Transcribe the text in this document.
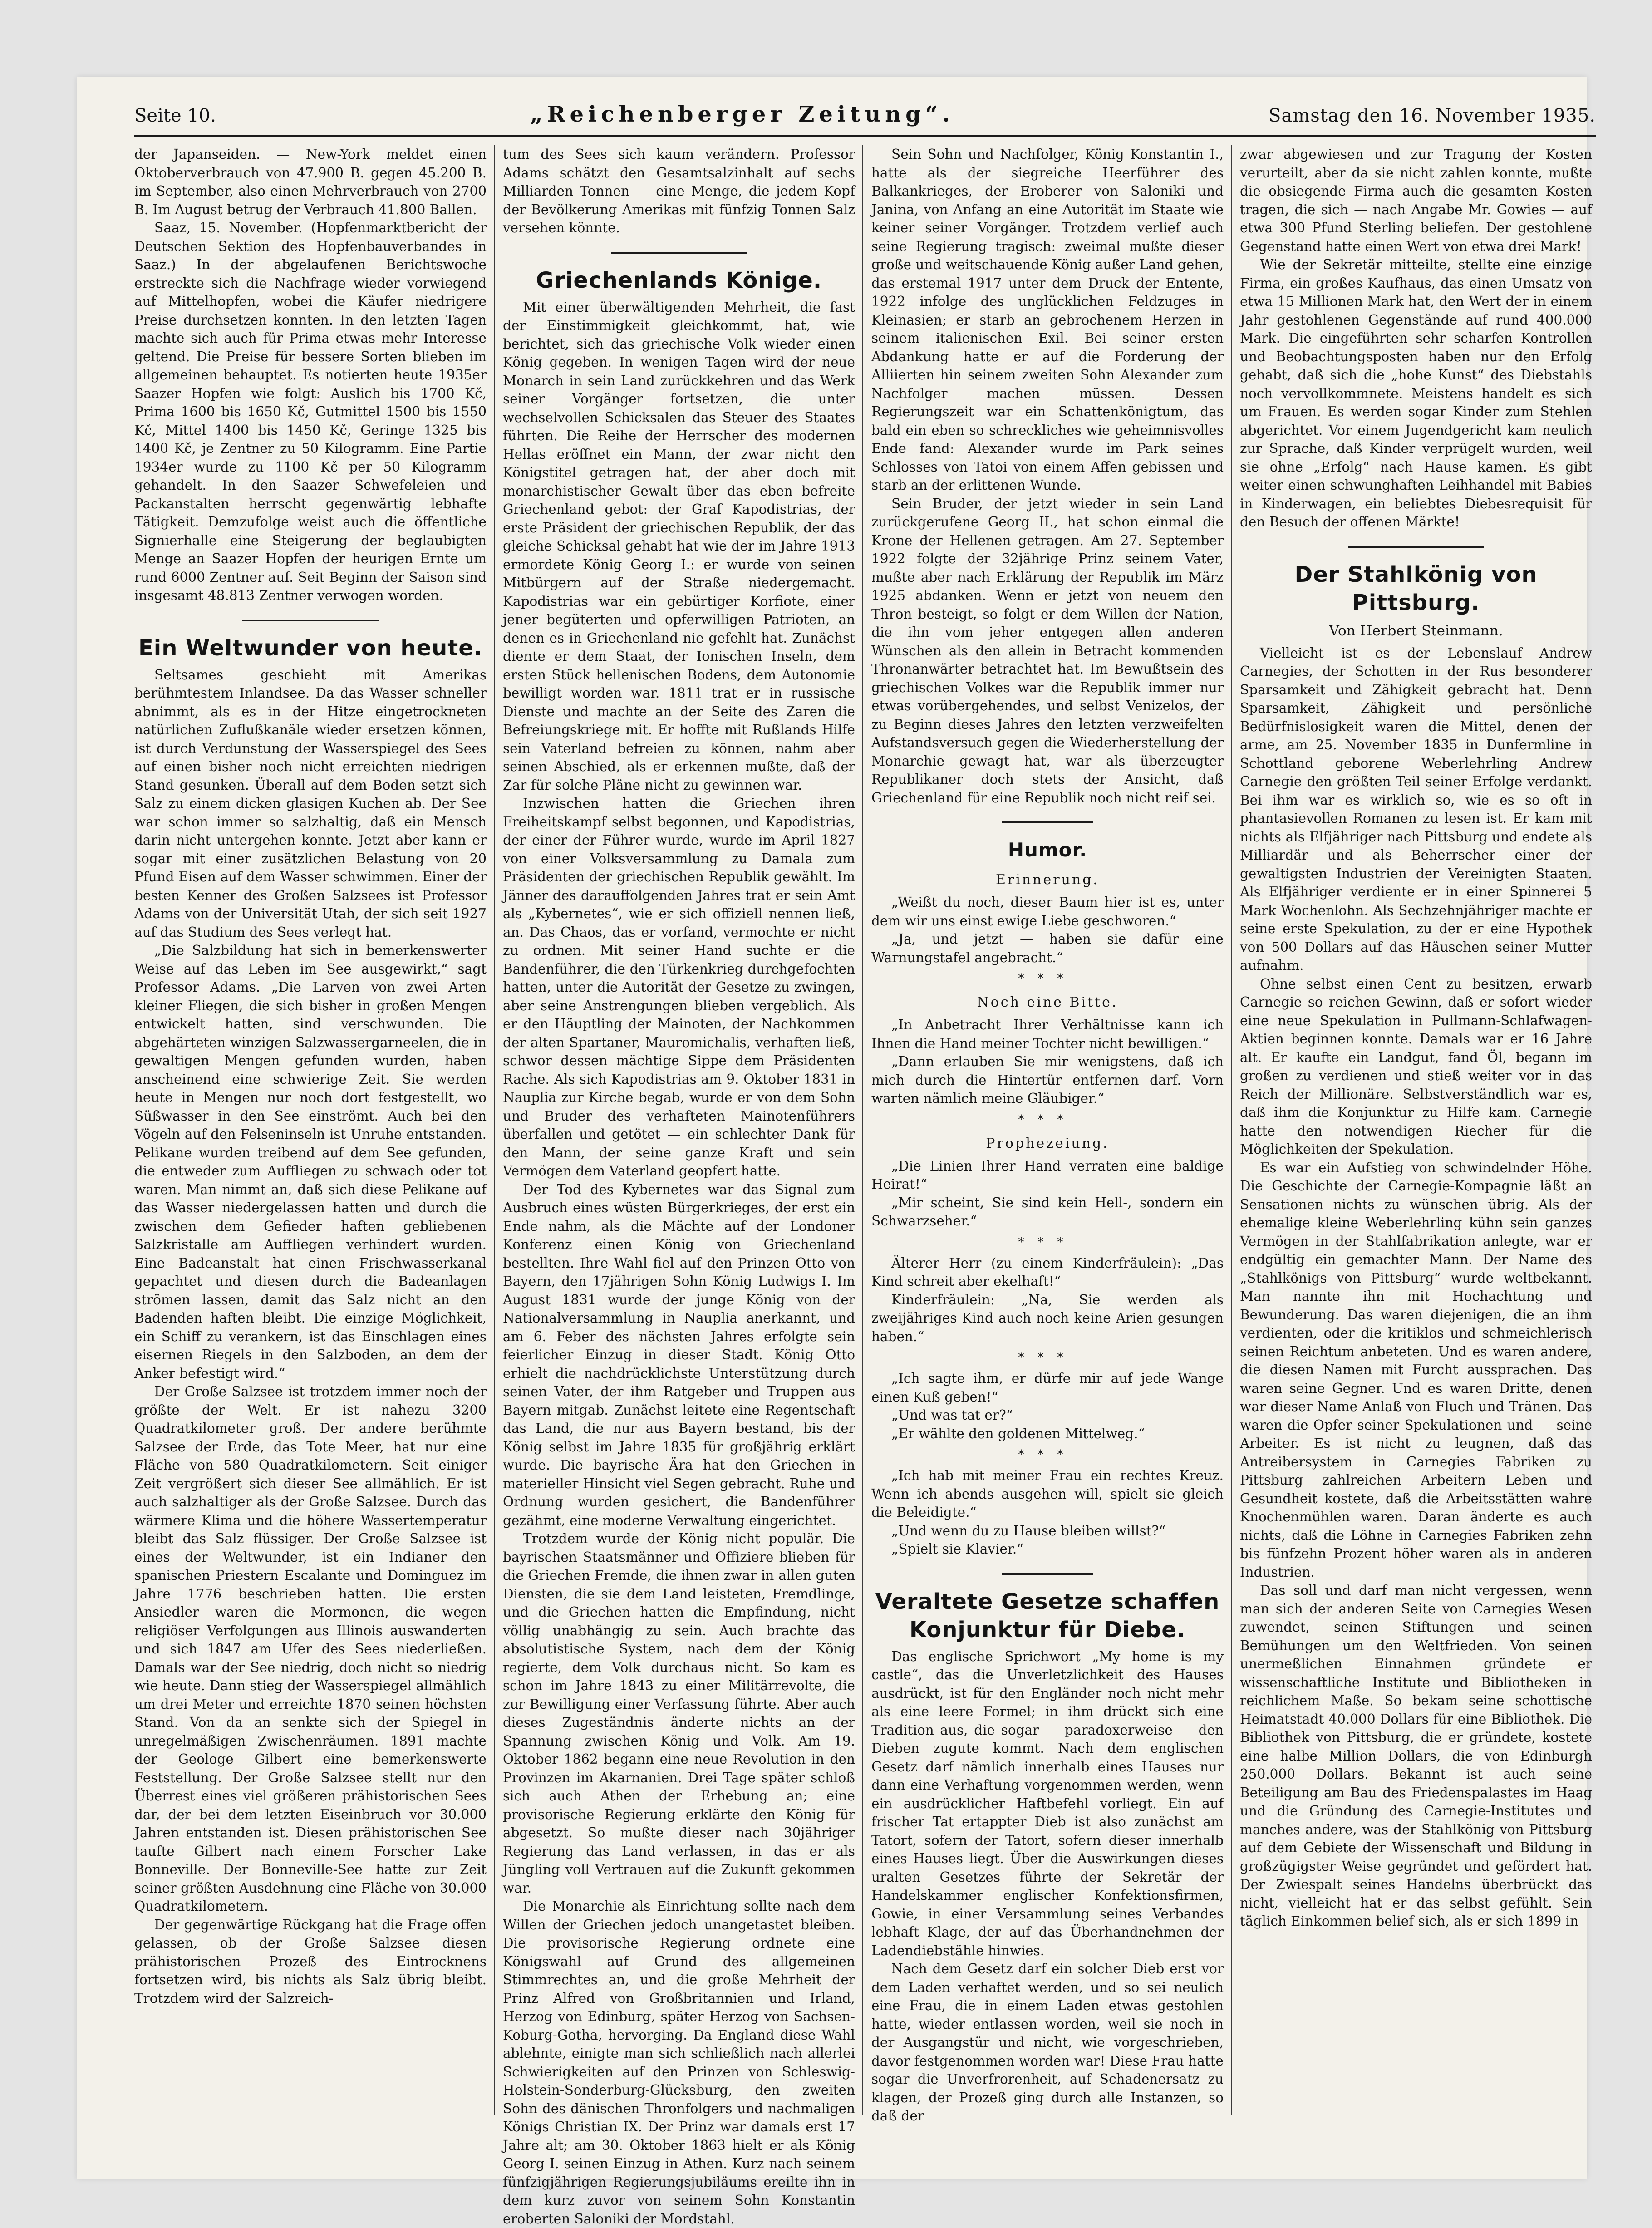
Seite 10.	„Reichenberger Zeitung“.	Samstag den 16. November 1935.

der Japanseiden. — New-York meldet einen Oktoberverbrauch von 47.900 B. gegen 45.200 B. im September, also einen Mehrverbrauch von 2700 B. Im August betrug der Verbrauch 41.800 Ballen.

Saaz, 15. November. (Hopfenmarktbericht der Deutschen Sektion des Hopfenbauverbandes in Saaz.) In der abgelaufenen Berichtswoche erstreckte sich die Nachfrage wieder vorwiegend auf Mittelhopfen, wobei die Käufer niedrigere Preise durchsetzen konnten. In den letzten Tagen machte sich auch für Prima etwas mehr Interesse geltend. Die Preise für bessere Sorten blieben im allgemeinen behauptet. Es notierten heute 1935er Saazer Hopfen wie folgt: Auslich bis 1700 Kč, Prima 1600 bis 1650 Kč, Gutmittel 1500 bis 1550 Kč, Mittel 1400 bis 1450 Kč, Geringe 1325 bis 1400 Kč, je Zentner zu 50 Kilogramm. Eine Partie 1934er wurde zu 1100 Kč per 50 Kilogramm gehandelt. In den Saazer Schwefeleien und Packanstalten herrscht gegenwärtig lebhafte Tätigkeit. Demzufolge weist auch die öffentliche Signierhalle eine Steigerung der beglaubigten Menge an Saazer Hopfen der heurigen Ernte um rund 6000 Zentner auf. Seit Beginn der Saison sind insgesamt 48.813 Zentner verwogen worden.

Ein Weltwunder von heute.

Seltsames geschieht mit Amerikas berühmtestem Inlandsee. Da das Wasser schneller abnimmt, als es in der Hitze eingetrockneten natürlichen Zuflußkanäle wieder ersetzen können, ist durch Verdunstung der Wasserspiegel des Sees auf einen bisher noch nicht erreichten niedrigen Stand gesunken. Überall auf dem Boden setzt sich Salz zu einem dicken glasigen Kuchen ab. Der See war schon immer so salzhaltig, daß ein Mensch darin nicht untergehen konnte. Jetzt aber kann er sogar mit einer zusätzlichen Belastung von 20 Pfund Eisen auf dem Wasser schwimmen. Einer der besten Kenner des Großen Salzsees ist Professor Adams von der Universität Utah, der sich seit 1927 auf das Studium des Sees verlegt hat.

„Die Salzbildung hat sich in bemerkenswerter Weise auf das Leben im See ausgewirkt,“ sagt Professor Adams. „Die Larven von zwei Arten kleiner Fliegen, die sich bisher in großen Mengen entwickelt hatten, sind verschwunden. Die abgehärteten winzigen Salzwassergarneelen, die in gewaltigen Mengen gefunden wurden, haben anscheinend eine schwierige Zeit. Sie werden heute in Mengen nur noch dort festgestellt, wo Süßwasser in den See einströmt. Auch bei den Vögeln auf den Felseninseln ist Unruhe entstanden. Pelikane wurden treibend auf dem See gefunden, die entweder zum Auffliegen zu schwach oder tot waren. Man nimmt an, daß sich diese Pelikane auf das Wasser niedergelassen hatten und durch die zwischen dem Gefieder haften gebliebenen Salzkristalle am Auffliegen verhindert wurden. Eine Badeanstalt hat einen Frischwasserkanal gepachtet und diesen durch die Badeanlagen strömen lassen, damit das Salz nicht an den Badenden haften bleibt. Die einzige Möglichkeit, ein Schiff zu verankern, ist das Einschlagen eines eisernen Riegels in den Salzboden, an dem der Anker befestigt wird.“

Der Große Salzsee ist trotzdem immer noch der größte der Welt. Er ist nahezu 3200 Quadratkilometer groß. Der andere berühmte Salzsee der Erde, das Tote Meer, hat nur eine Fläche von 580 Quadratkilometern. Seit einiger Zeit vergrößert sich dieser See allmählich. Er ist auch salzhaltiger als der Große Salzsee. Durch das wärmere Klima und die höhere Wassertemperatur bleibt das Salz flüssiger. Der Große Salzsee ist eines der Weltwunder, ist ein Indianer den spanischen Priestern Escalante und Dominguez im Jahre 1776 beschrieben hatten. Die ersten Ansiedler waren die Mormonen, die wegen religiöser Verfolgungen aus Illinois auswanderten und sich 1847 am Ufer des Sees niederließen. Damals war der See niedrig, doch nicht so niedrig wie heute. Dann stieg der Wasserspiegel allmählich um drei Meter und erreichte 1870 seinen höchsten Stand. Von da an senkte sich der Spiegel in unregelmäßigen Zwischenräumen. 1891 machte der Geologe Gilbert eine bemerkenswerte Feststellung. Der Große Salzsee stellt nur den Überrest eines viel größeren prähistorischen Sees dar, der bei dem letzten Eiseinbruch vor 30.000 Jahren entstanden ist. Diesen prähistorischen See taufte Gilbert nach einem Forscher Lake Bonneville. Der Bonneville-See hatte zur Zeit seiner größten Ausdehnung eine Fläche von 30.000 Quadratkilometern.

Der gegenwärtige Rückgang hat die Frage offen gelassen, ob der Große Salzsee diesen prähistorischen Prozeß des Eintrocknens fortsetzen wird, bis nichts als Salz übrig bleibt. Trotzdem wird der Salzreich-

tum des Sees sich kaum verändern. Professor Adams schätzt den Gesamtsalzinhalt auf sechs Milliarden Tonnen — eine Menge, die jedem Kopf der Bevölkerung Amerikas mit fünfzig Tonnen Salz versehen könnte.

Griechenlands Könige.

Mit einer überwältigenden Mehrheit, die fast der Einstimmigkeit gleichkommt, hat, wie berichtet, sich das griechische Volk wieder einen König gegeben. In wenigen Tagen wird der neue Monarch in sein Land zurückkehren und das Werk seiner Vorgänger fortsetzen, die unter wechselvollen Schicksalen das Steuer des Staates führten. Die Reihe der Herrscher des modernen Hellas eröffnet ein Mann, der zwar nicht den Königstitel getragen hat, der aber doch mit monarchistischer Gewalt über das eben befreite Griechenland gebot: der Graf Kapodistrias, der erste Präsident der griechischen Republik, der das gleiche Schicksal gehabt hat wie der im Jahre 1913 ermordete König Georg I.: er wurde von seinen Mitbürgern auf der Straße niedergemacht. Kapodistrias war ein gebürtiger Korfiote, einer jener begüterten und opferwilligen Patrioten, an denen es in Griechenland nie gefehlt hat. Zunächst diente er dem Staat, der Ionischen Inseln, dem ersten Stück hellenischen Bodens, dem Autonomie bewilligt worden war. 1811 trat er in russische Dienste und machte an der Seite des Zaren die Befreiungskriege mit. Er hoffte mit Rußlands Hilfe sein Vaterland befreien zu können, nahm aber seinen Abschied, als er erkennen mußte, daß der Zar für solche Pläne nicht zu gewinnen war.

Inzwischen hatten die Griechen ihren Freiheitskampf selbst begonnen, und Kapodistrias, der einer der Führer wurde, wurde im April 1827 von einer Volksversammlung zu Damala zum Präsidenten der griechischen Republik gewählt. Im Jänner des darauffolgenden Jahres trat er sein Amt als „Kybernetes“, wie er sich offiziell nennen ließ, an. Das Chaos, das er vorfand, vermochte er nicht zu ordnen. Mit seiner Hand suchte er die Bandenführer, die den Türkenkrieg durchgefochten hatten, unter die Autorität der Gesetze zu zwingen, aber seine Anstrengungen blieben vergeblich. Als er den Häuptling der Mainoten, der Nachkommen der alten Spartaner, Mauromichalis, verhaften ließ, schwor dessen mächtige Sippe dem Präsidenten Rache. Als sich Kapodistrias am 9. Oktober 1831 in Nauplia zur Kirche begab, wurde er von dem Sohn und Bruder des verhafteten Mainotenführers überfallen und getötet — ein schlechter Dank für den Mann, der seine ganze Kraft und sein Vermögen dem Vaterland geopfert hatte.

Der Tod des Kybernetes war das Signal zum Ausbruch eines wüsten Bürgerkrieges, der erst ein Ende nahm, als die Mächte auf der Londoner Konferenz einen König von Griechenland bestellten. Ihre Wahl fiel auf den Prinzen Otto von Bayern, den 17jährigen Sohn König Ludwigs I. Im August 1831 wurde der junge König von der Nationalversammlung in Nauplia anerkannt, und am 6. Feber des nächsten Jahres erfolgte sein feierlicher Einzug in dieser Stadt. König Otto erhielt die nachdrücklichste Unterstützung durch seinen Vater, der ihm Ratgeber und Truppen aus Bayern mitgab. Zunächst leitete eine Regentschaft das Land, die nur aus Bayern bestand, bis der König selbst im Jahre 1835 für großjährig erklärt wurde. Die bayrische Ära hat den Griechen in materieller Hinsicht viel Segen gebracht. Ruhe und Ordnung wurden gesichert, die Bandenführer gezähmt, eine moderne Verwaltung eingerichtet.

Trotzdem wurde der König nicht populär. Die bayrischen Staatsmänner und Offiziere blieben für die Griechen Fremde, die ihnen zwar in allen guten Diensten, die sie dem Land leisteten, Fremdlinge, und die Griechen hatten die Empfindung, nicht völlig unabhängig zu sein. Auch brachte das absolutistische System, nach dem der König regierte, dem Volk durchaus nicht. So kam es schon im Jahre 1843 zu einer Militärrevolte, die zur Bewilligung einer Verfassung führte. Aber auch dieses Zugeständnis änderte nichts an der Spannung zwischen König und Volk. Am 19. Oktober 1862 begann eine neue Revolution in den Provinzen im Akarnanien. Drei Tage später schloß sich auch Athen der Erhebung an; eine provisorische Regierung erklärte den König für abgesetzt. So mußte dieser nach 30jähriger Regierung das Land verlassen, in das er als Jüngling voll Vertrauen auf die Zukunft gekommen war.

Die Monarchie als Einrichtung sollte nach dem Willen der Griechen jedoch unangetastet bleiben. Die provisorische Regierung ordnete eine Königswahl auf Grund des allgemeinen Stimmrechtes an, und die große Mehrheit der Prinz Alfred von Großbritannien und Irland, Herzog von Edinburg, später Herzog von Sachsen-Koburg-Gotha, hervorging. Da England diese Wahl ablehnte, einigte man sich schließlich nach allerlei Schwierigkeiten auf den Prinzen von Schleswig-Holstein-Sonderburg-Glücksburg, den zweiten Sohn des dänischen Thronfolgers und nachmaligen Königs Christian IX. Der Prinz war damals erst 17 Jahre alt; am 30. Oktober 1863 hielt er als König Georg I. seinen Einzug in Athen. Kurz nach seinem fünfzigjährigen Regierungsjubiläums ereilte ihn in dem kurz zuvor von seinem Sohn Konstantin eroberten Saloniki der Mordstahl.

Sein Sohn und Nachfolger, König Konstantin I., hatte als der siegreiche Heerführer des Balkankrieges, der Eroberer von Saloniki und Janina, von Anfang an eine Autorität im Staate wie keiner seiner Vorgänger. Trotzdem verlief auch seine Regierung tragisch: zweimal mußte dieser große und weitschauende König außer Land gehen, das erstemal 1917 unter dem Druck der Entente, 1922 infolge des unglücklichen Feldzuges in Kleinasien; er starb an gebrochenem Herzen in seinem italienischen Exil. Bei seiner ersten Abdankung hatte er auf die Forderung der Alliierten hin seinem zweiten Sohn Alexander zum Nachfolger machen müssen. Dessen Regierungszeit war ein Schattenkönigtum, das bald ein eben so schreckliches wie geheimnisvolles Ende fand: Alexander wurde im Park seines Schlosses von Tatoi von einem Affen gebissen und starb an der erlittenen Wunde.

Sein Bruder, der jetzt wieder in sein Land zurückgerufene Georg II., hat schon einmal die Krone der Hellenen getragen. Am 27. September 1922 folgte der 32jährige Prinz seinem Vater, mußte aber nach Erklärung der Republik im März 1925 abdanken. Wenn er jetzt von neuem den Thron besteigt, so folgt er dem Willen der Nation, die ihn vom jeher entgegen allen anderen Wünschen als den allein in Betracht kommenden Thronanwärter betrachtet hat. Im Bewußtsein des griechischen Volkes war die Republik immer nur etwas vorübergehendes, und selbst Venizelos, der zu Beginn dieses Jahres den letzten verzweifelten Aufstandsversuch gegen die Wiederherstellung der Monarchie gewagt hat, war als überzeugter Republikaner doch stets der Ansicht, daß Griechenland für eine Republik noch nicht reif sei.

Humor.
Erinnerung.

„Weißt du noch, dieser Baum hier ist es, unter dem wir uns einst ewige Liebe geschworen.“

„Ja, und jetzt — haben sie dafür eine Warnungstafel angebracht.“

***
Noch eine Bitte.

„In Anbetracht Ihrer Verhältnisse kann ich Ihnen die Hand meiner Tochter nicht bewilligen.“

„Dann erlauben Sie mir wenigstens, daß ich mich durch die Hintertür entfernen darf. Vorn warten nämlich meine Gläubiger.“

***
Prophezeiung.

„Die Linien Ihrer Hand verraten eine baldige Heirat!“

„Mir scheint, Sie sind kein Hell-, sondern ein Schwarzseher.“

***

Älterer Herr (zu einem Kinderfräulein): „Das Kind schreit aber ekelhaft!“

Kinderfräulein: „Na, Sie werden als zweijähriges Kind auch noch keine Arien gesungen haben.“

***

„Ich sagte ihm, er dürfe mir auf jede Wange einen Kuß geben!“

„Und was tat er?“

„Er wählte den goldenen Mittelweg.“

***

„Ich hab mit meiner Frau ein rechtes Kreuz. Wenn ich abends ausgehen will, spielt sie gleich die Beleidigte.“

„Und wenn du zu Hause bleiben willst?“

„Spielt sie Klavier.“

Veraltete Gesetze schaffen Konjunktur für Diebe.

Das englische Sprichwort „My home is my castle“, das die Unverletzlichkeit des Hauses ausdrückt, ist für den Engländer noch nicht mehr als eine leere Formel; in ihm drückt sich eine Tradition aus, die sogar — paradoxerweise — den Dieben zugute kommt. Nach dem englischen Gesetz darf nämlich innerhalb eines Hauses nur dann eine Verhaftung vorgenommen werden, wenn ein ausdrücklicher Haftbefehl vorliegt. Ein auf frischer Tat ertappter Dieb ist also zunächst am Tatort, sofern der Tatort, sofern dieser innerhalb eines Hauses liegt. Über die Auswirkungen dieses uralten Gesetzes führte der Sekretär der Handelskammer englischer Konfektionsfirmen, Gowie, in einer Versammlung seines Verbandes lebhaft Klage, der auf das Überhandnehmen der Ladendiebstähle hinwies.

Nach dem Gesetz darf ein solcher Dieb erst vor dem Laden verhaftet werden, und so sei neulich eine Frau, die in einem Laden etwas gestohlen hatte, wieder entlassen worden, weil sie noch in der Ausgangstür und nicht, wie vorgeschrieben, davor festgenommen worden war! Diese Frau hatte sogar die Unverfrorenheit, auf Schadenersatz zu klagen, der Prozeß ging durch alle Instanzen, so daß der

zwar abgewiesen und zur Tragung der Kosten verurteilt, aber da sie nicht zahlen konnte, mußte die obsiegende Firma auch die gesamten Kosten tragen, die sich — nach Angabe Mr. Gowies — auf etwa 300 Pfund Sterling beliefen. Der gestohlene Gegenstand hatte einen Wert von etwa drei Mark!

Wie der Sekretär mitteilte, stellte eine einzige Firma, ein großes Kaufhaus, das einen Umsatz von etwa 15 Millionen Mark hat, den Wert der in einem Jahr gestohlenen Gegenstände auf rund 400.000 Mark. Die eingeführten sehr scharfen Kontrollen und Beobachtungsposten haben nur den Erfolg gehabt, daß sich die „hohe Kunst“ des Diebstahls noch vervollkommnete. Meistens handelt es sich um Frauen. Es werden sogar Kinder zum Stehlen abgerichtet. Vor einem Jugendgericht kam neulich zur Sprache, daß Kinder verprügelt wurden, weil sie ohne „Erfolg“ nach Hause kamen. Es gibt weiter einen schwunghaften Leihhandel mit Babies in Kinderwagen, ein beliebtes Diebesrequisit für den Besuch der offenen Märkte!

Der Stahlkönig von Pittsburg.
Von Herbert Steinmann.

Vielleicht ist es der Lebenslauf Andrew Carnegies, der Schotten in der Rus besonderer Sparsamkeit und Zähigkeit gebracht hat. Denn Sparsamkeit, Zähigkeit und persönliche Bedürfnislosigkeit waren die Mittel, denen der arme, am 25. November 1835 in Dunfermline in Schottland geborene Weberlehrling Andrew Carnegie den größten Teil seiner Erfolge verdankt. Bei ihm war es wirklich so, wie es so oft in phantasievollen Romanen zu lesen ist. Er kam mit nichts als Elfjähriger nach Pittsburg und endete als Milliardär und als Beherrscher einer der gewaltigsten Industrien der Vereinigten Staaten. Als Elfjähriger verdiente er in einer Spinnerei 5 Mark Wochenlohn. Als Sechzehnjähriger machte er seine erste Spekulation, zu der er eine Hypothek von 500 Dollars auf das Häuschen seiner Mutter aufnahm.

Ohne selbst einen Cent zu besitzen, erwarb Carnegie so reichen Gewinn, daß er sofort wieder eine neue Spekulation in Pullmann-Schlafwagen-Aktien beginnen konnte. Damals war er 16 Jahre alt. Er kaufte ein Landgut, fand Öl, begann im großen zu verdienen und stieß weiter vor in das Reich der Millionäre. Selbstverständlich war es, daß ihm die Konjunktur zu Hilfe kam. Carnegie hatte den notwendigen Riecher für die Möglichkeiten der Spekulation.

Es war ein Aufstieg von schwindelnder Höhe. Die Geschichte der Carnegie-Kompagnie läßt an Sensationen nichts zu wünschen übrig. Als der ehemalige kleine Weberlehrling kühn sein ganzes Vermögen in der Stahlfabrikation anlegte, war er endgültig ein gemachter Mann. Der Name des „Stahlkönigs von Pittsburg“ wurde weltbekannt. Man nannte ihn mit Hochachtung und Bewunderung. Das waren diejenigen, die an ihm verdienten, oder die kritiklos und schmeichlerisch seinen Reichtum anbeteten. Und es waren andere, die diesen Namen mit Furcht aussprachen. Das waren seine Gegner. Und es waren Dritte, denen war dieser Name Anlaß von Fluch und Tränen. Das waren die Opfer seiner Spekulationen und — seine Arbeiter. Es ist nicht zu leugnen, daß das Antreibersystem in Carnegies Fabriken zu Pittsburg zahlreichen Arbeitern Leben und Gesundheit kostete, daß die Arbeitsstätten wahre Knochenmühlen waren. Daran änderte es auch nichts, daß die Löhne in Carnegies Fabriken zehn bis fünfzehn Prozent höher waren als in anderen Industrien.

Das soll und darf man nicht vergessen, wenn man sich der anderen Seite von Carnegies Wesen zuwendet, seinen Stiftungen und seinen Bemühungen um den Weltfrieden. Von seinen unermeßlichen Einnahmen gründete er wissenschaftliche Institute und Bibliotheken in reichlichem Maße. So bekam seine schottische Heimatstadt 40.000 Dollars für eine Bibliothek. Die Bibliothek von Pittsburg, die er gründete, kostete eine halbe Million Dollars, die von Edinburgh 250.000 Dollars. Bekannt ist auch seine Beteiligung am Bau des Friedenspalastes im Haag und die Gründung des Carnegie-Institutes und manches andere, was der Stahlkönig von Pittsburg auf dem Gebiete der Wissenschaft und Bildung in großzügigster Weise gegründet und gefördert hat. Der Zwiespalt seines Handelns überbrückt das nicht, vielleicht hat er das selbst gefühlt. Sein täglich Einkommen belief sich, als er sich 1899 in
